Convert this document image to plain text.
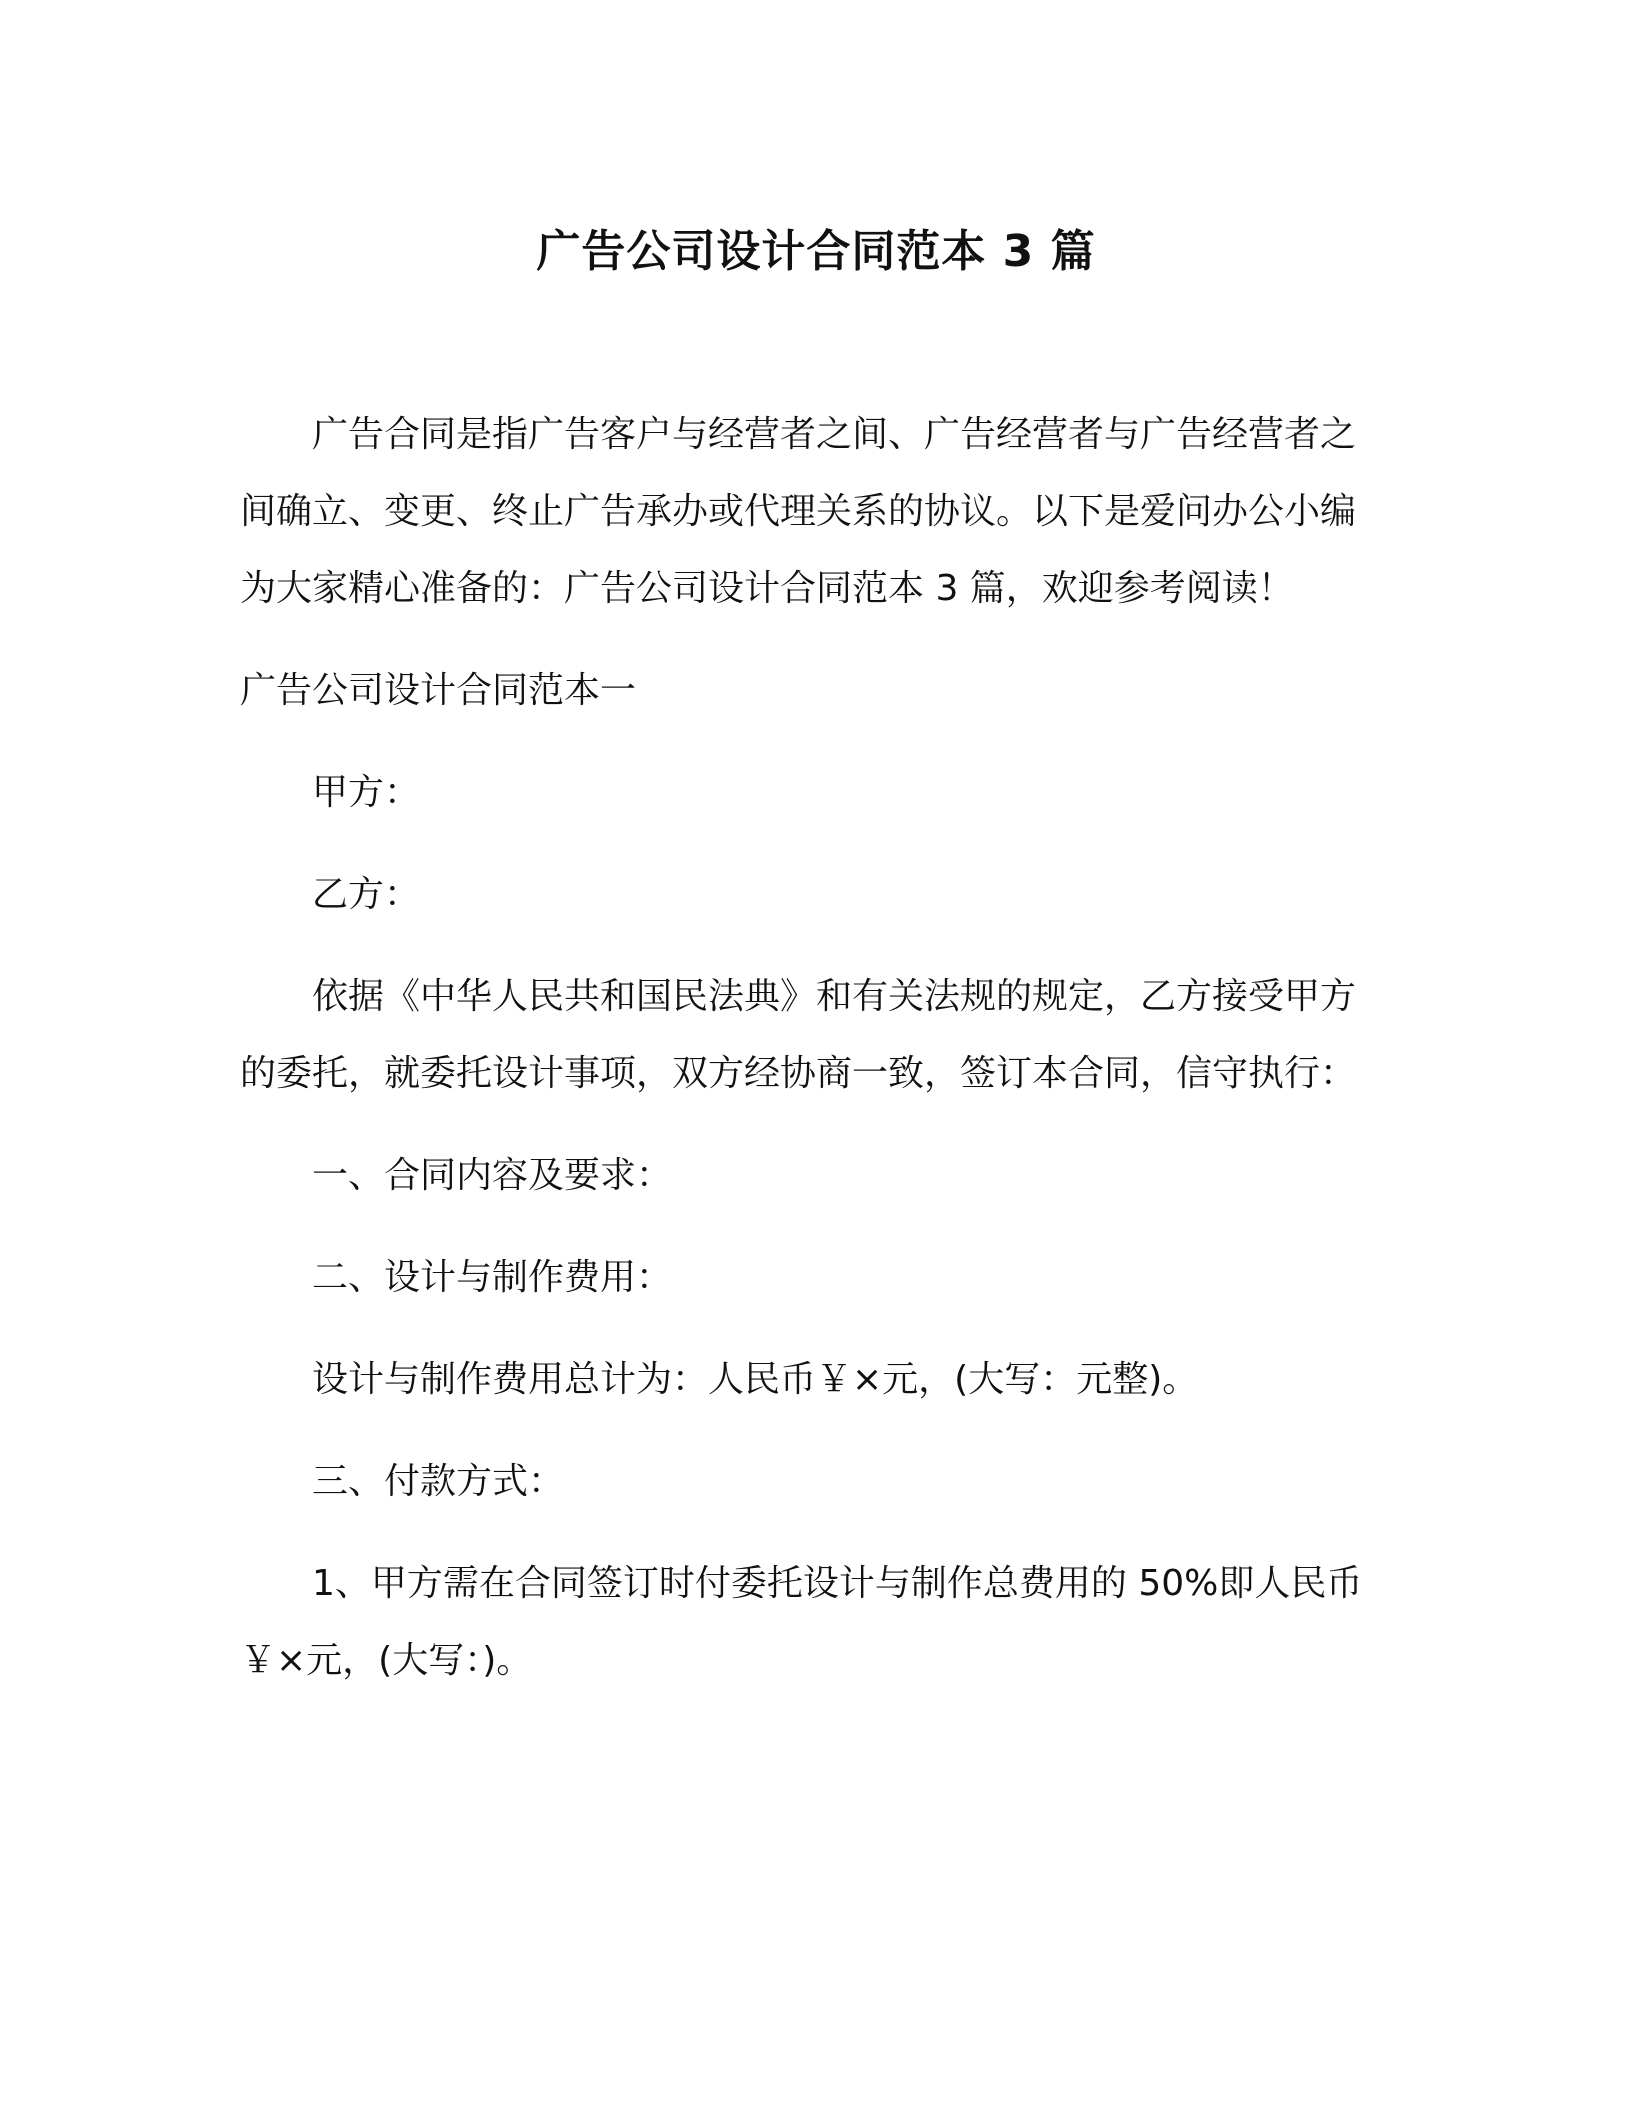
广告公司设计合同范本 3 篇

广告合同是指广告客户与经营者之间、广告经营者与广告经营者之间确立、变更、终止广告承办或代理关系的协议。以下是爱问办公小编为大家精心准备的：广告公司设计合同范本 3 篇，欢迎参考阅读！

广告公司设计合同范本一

甲方：

乙方：

依据《中华人民共和国民法典》和有关法规的规定，乙方接受甲方的委托，就委托设计事项，双方经协商一致，签订本合同，信守执行：

一、合同内容及要求：

二、设计与制作费用：

设计与制作费用总计为：人民币￥×元，(大写：元整)。

三、付款方式：

1、甲方需在合同签订时付委托设计与制作总费用的 50%即人民币￥×元，(大写：)。
